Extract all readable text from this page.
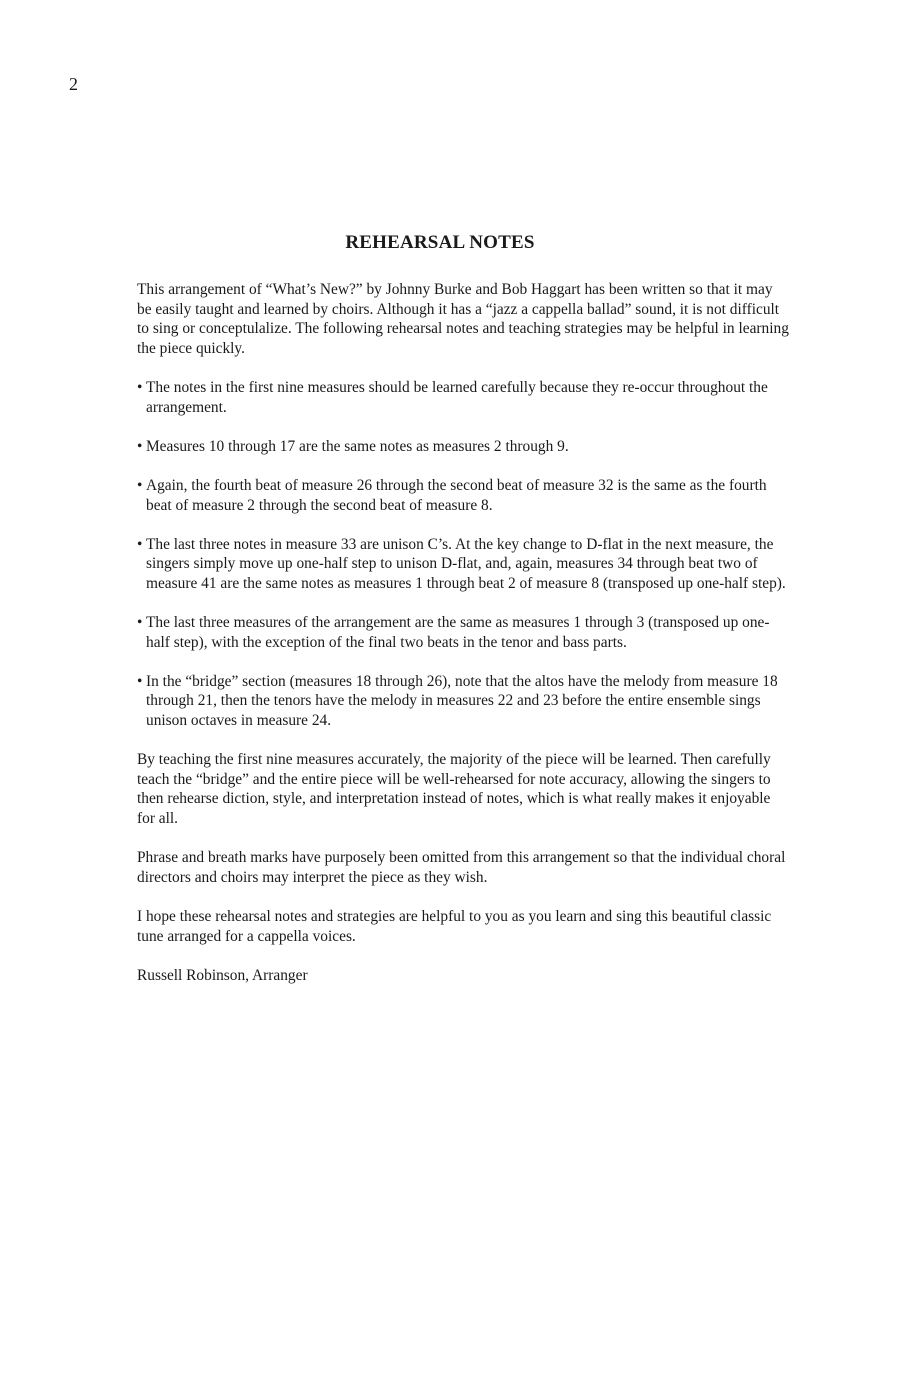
2
REHEARSAL NOTES

This arrangement of “What’s New?” by Johnny Burke and Bob Haggart has been written so that it may be easily taught and learned by choirs. Although it has a “jazz a cappella ballad” sound, it is not difficult to sing or conceptulalize. The following rehearsal notes and teaching strategies may be helpful in learning the piece quickly.

• The notes in the first nine measures should be learned carefully because they re-occur throughout the arrangement.
• Measures 10 through 17 are the same notes as measures 2 through 9.
• Again, the fourth beat of measure 26 through the second beat of measure 32 is the same as the fourth beat of measure 2 through the second beat of measure 8.
• The last three notes in measure 33 are unison C’s. At the key change to D-flat in the next measure, the singers simply move up one-half step to unison D-flat, and, again, measures 34 through beat two of measure 41 are the same notes as measures 1 through beat 2 of measure 8 (transposed up one-half step).
• The last three measures of the arrangement are the same as measures 1 through 3 (transposed up one-half step), with the exception of the final two beats in the tenor and bass parts.
• In the “bridge” section (measures 18 through 26), note that the altos have the melody from measure 18 through 21, then the tenors have the melody in measures 22 and 23 before the entire ensemble sings unison octaves in measure 24.

By teaching the first nine measures accurately, the majority of the piece will be learned. Then carefully teach the “bridge” and the entire piece will be well-rehearsed for note accuracy, allowing the singers to then rehearse diction, style, and interpretation instead of notes, which is what really makes it enjoyable for all.

Phrase and breath marks have purposely been omitted from this arrangement so that the individual choral directors and choirs may interpret the piece as they wish.

I hope these rehearsal notes and strategies are helpful to you as you learn and sing this beautiful classic tune arranged for a cappella voices.

Russell Robinson, Arranger
